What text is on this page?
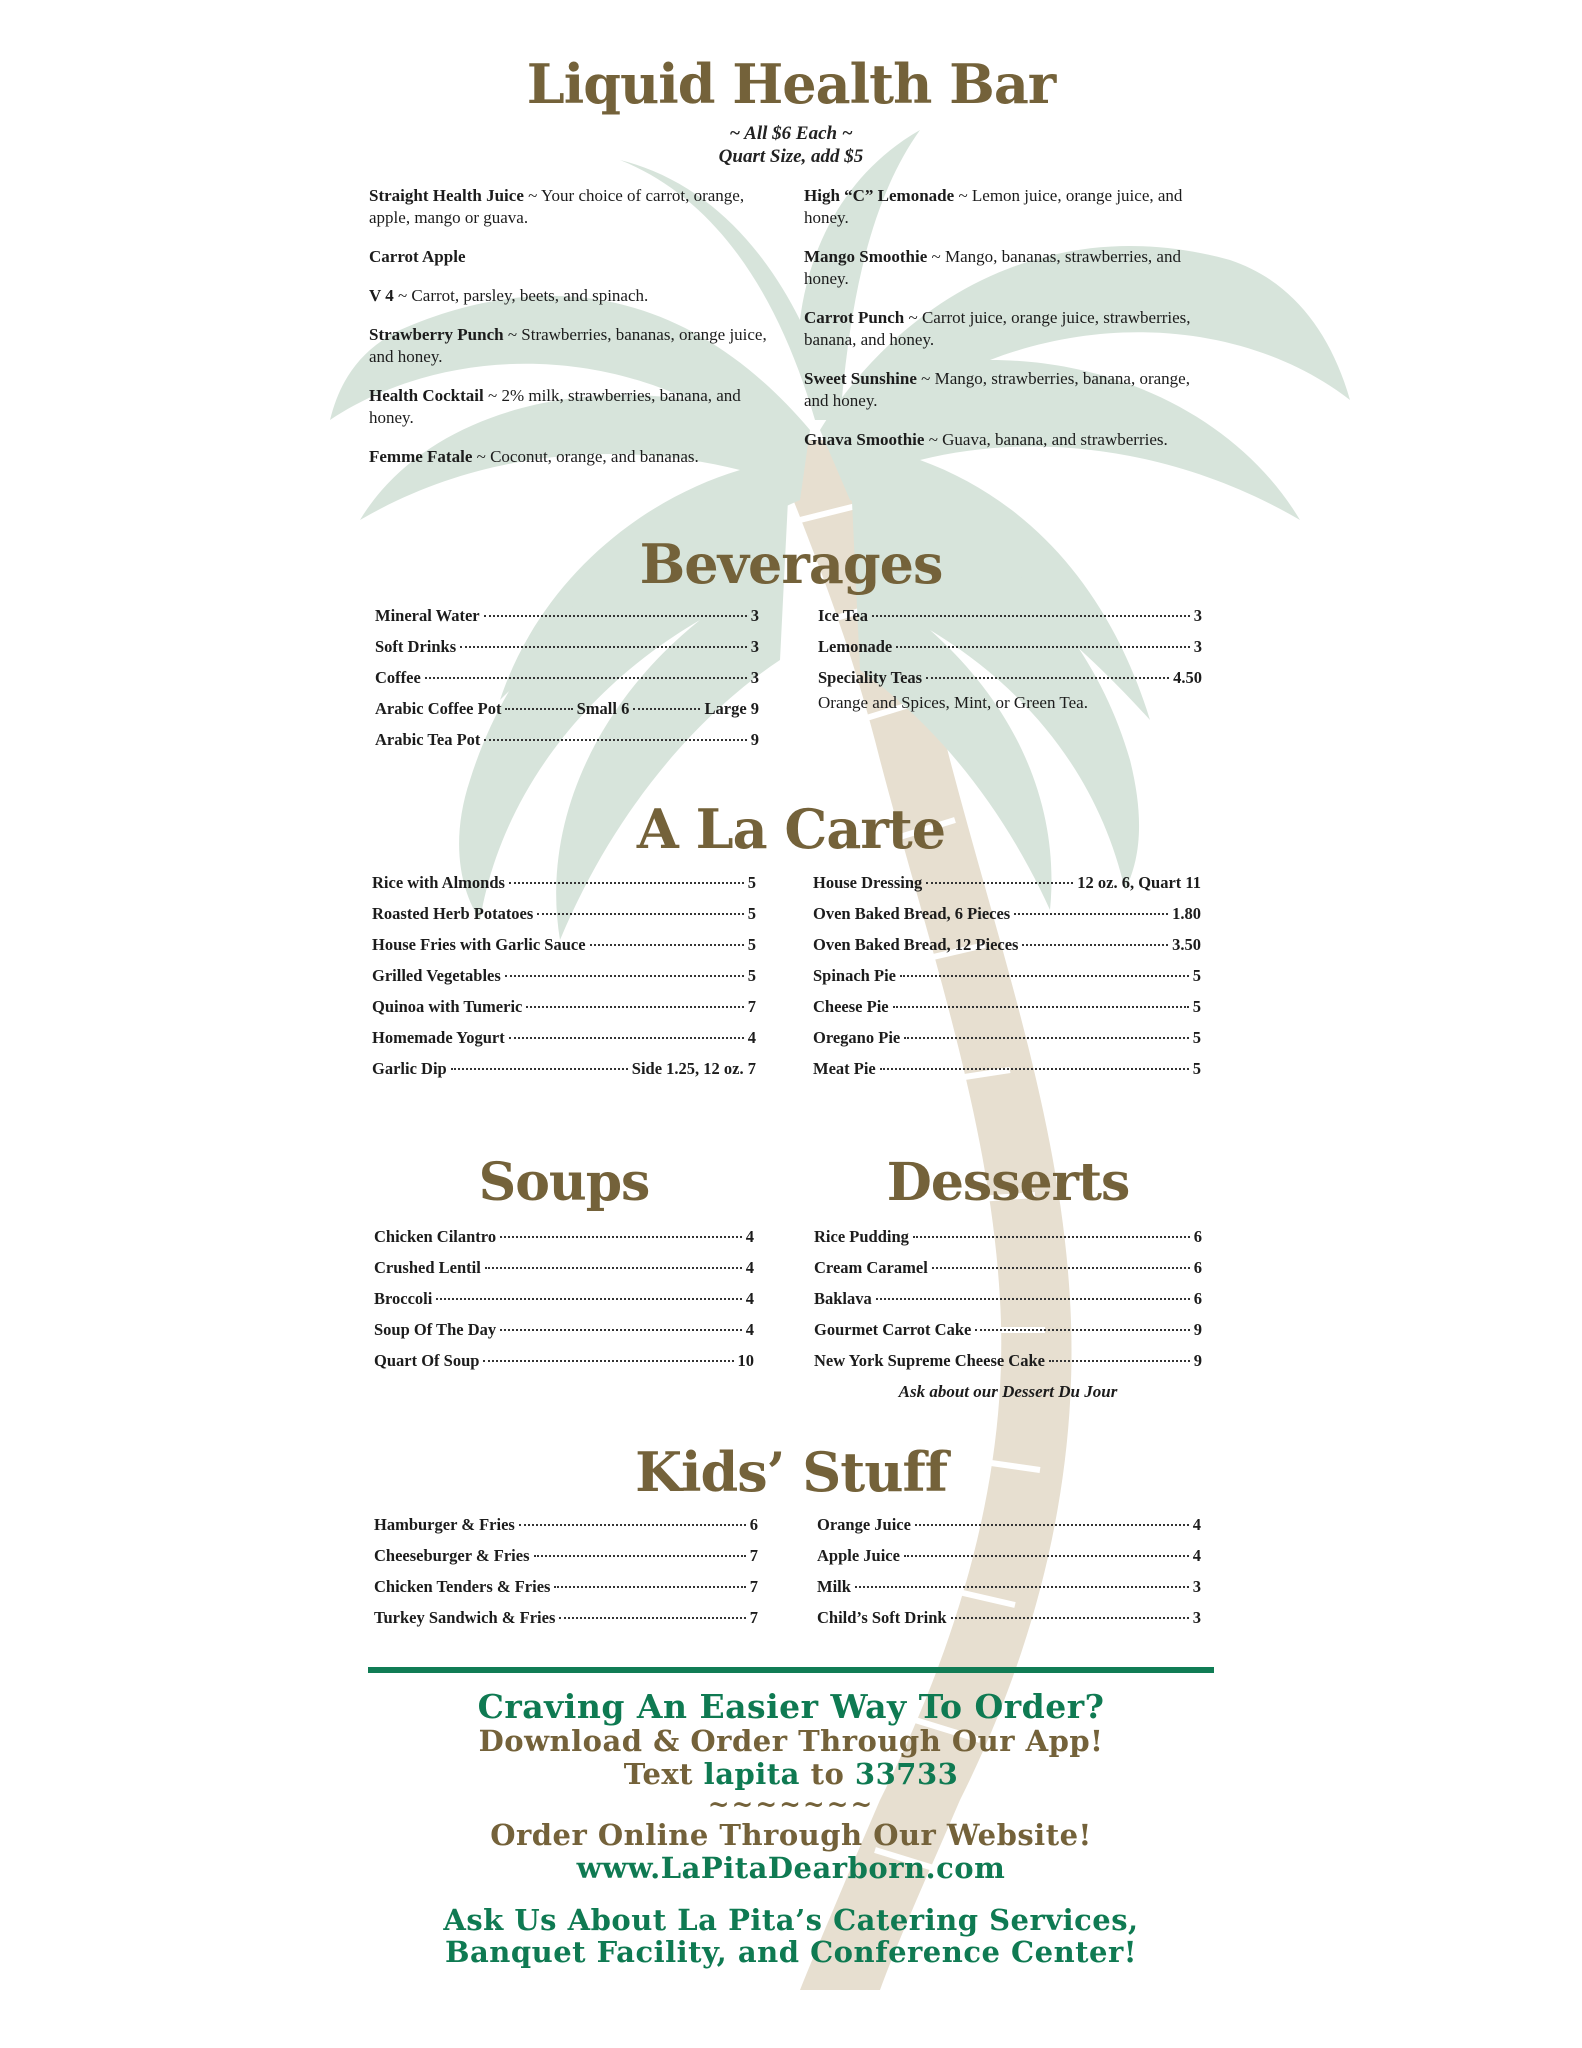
Liquid Health Bar
~ All $6 Each ~
Quart Size, add $5

Straight Health Juice ~ Your choice of carrot, orange, apple, mango or guava.

Carrot Apple

V 4 ~ Carrot, parsley, beets, and spinach.

Strawberry Punch ~ Strawberries, bananas, orange juice, and honey.

Health Cocktail ~ 2% milk, strawberries, banana, and honey.

Femme Fatale ~ Coconut, orange, and bananas.

High “C” Lemonade ~ Lemon juice, orange juice, and honey.

Mango Smoothie ~ Mango, bananas, strawberries, and honey.

Carrot Punch ~ Carrot juice, orange juice, strawberries, banana, and honey.

Sweet Sunshine ~ Mango, strawberries, banana, orange, and honey.

Guava Smoothie ~ Guava, banana, and strawberries.

Beverages
Mineral Water	3
Soft Drinks	3
Coffee	3
Arabic Coffee Pot	Small 6	Large 9
Arabic Tea Pot	9
Ice Tea	3
Lemonade	3
Speciality Teas	4.50
Orange and Spices, Mint, or Green Tea.
A La Carte
Rice with Almonds	5
Roasted Herb Potatoes	5
House Fries with Garlic Sauce	5
Grilled Vegetables	5
Quinoa with Tumeric	7
Homemade Yogurt	4
Garlic Dip	Side 1.25, 12 oz. 7
House Dressing	12 oz. 6, Quart 11
Oven Baked Bread, 6 Pieces	1.80
Oven Baked Bread, 12 Pieces	3.50
Spinach Pie	5
Cheese Pie	5
Oregano Pie	5
Meat Pie	5
Soups
Chicken Cilantro	4
Crushed Lentil	4
Broccoli	4
Soup Of The Day	4
Quart Of Soup	10
Desserts
Rice Pudding	6
Cream Caramel	6
Baklava	6
Gourmet Carrot Cake	9
New York Supreme Cheese Cake	9
Ask about our Dessert Du Jour
Kids’ Stuff
Hamburger & Fries	6
Cheeseburger & Fries	7
Chicken Tenders & Fries	7
Turkey Sandwich & Fries	7
Orange Juice	4
Apple Juice	4
Milk	3
Child’s Soft Drink	3
Craving An Easier Way To Order?
Download & Order Through Our App!
Text lapita to 33733
~~~~~~~
Order Online Through Our Website!
www.LaPitaDearborn.com
Ask Us About La Pita’s Catering Services,
Banquet Facility, and Conference Center!
